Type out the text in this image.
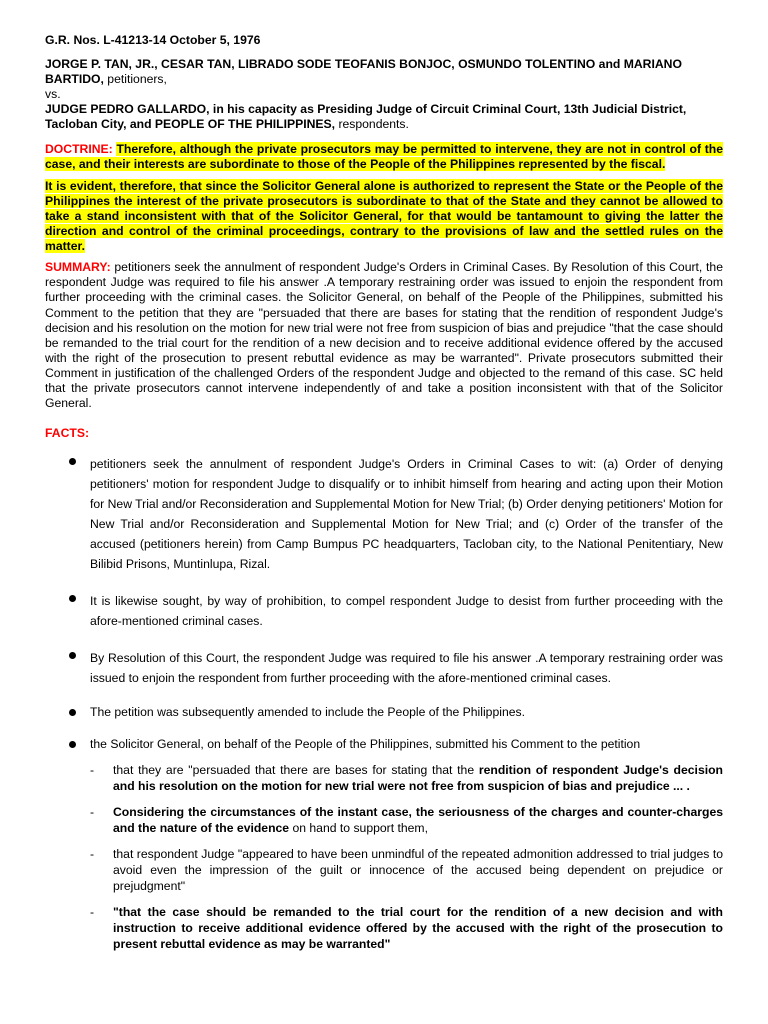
G.R. Nos. L-41213-14 October 5, 1976

JORGE P. TAN, JR., CESAR TAN, LIBRADO SODE TEOFANIS BONJOC, OSMUNDO TOLENTINO and MARIANO BARTIDO, petitioners,
vs.
JUDGE PEDRO GALLARDO, in his capacity as Presiding Judge of Circuit Criminal Court, 13th Judicial District, Tacloban City, and PEOPLE OF THE PHILIPPINES, respondents.

DOCTRINE: Therefore, although the private prosecutors may be permitted to intervene, they are not in control of the case, and their interests are subordinate to those of the People of the Philippines represented by the fiscal.

It is evident, therefore, that since the Solicitor General alone is authorized to represent the State or the People of the Philippines the interest of the private prosecutors is subordinate to that of the State and they cannot be allowed to take a stand inconsistent with that of the Solicitor General, for that would be tantamount to giving the latter the direction and control of the criminal proceedings, contrary to the provisions of law and the settled rules on the matter.

SUMMARY: petitioners seek the annulment of respondent Judge's Orders in Criminal Cases. By Resolution of this Court, the respondent Judge was required to file his answer .A temporary restraining order was issued to enjoin the respondent from further proceeding with the criminal cases. the Solicitor General, on behalf of the People of the Philippines, submitted his Comment to the petition that they are "persuaded that there are bases for stating that the rendition of respondent Judge's decision and his resolution on the motion for new trial were not free from suspicion of bias and prejudice "that the case should be remanded to the trial court for the rendition of a new decision and to receive additional evidence offered by the accused with the right of the prosecution to present rebuttal evidence as may be warranted". Private prosecutors submitted their Comment in justification of the challenged Orders of the respondent Judge and objected to the remand of this case. SC held that the private prosecutors cannot intervene independently of and take a position inconsistent with that of the Solicitor General.

FACTS:

petitioners seek the annulment of respondent Judge's Orders in Criminal Cases to wit: (a) Order of denying petitioners' motion for respondent Judge to disqualify or to inhibit himself from hearing and acting upon their Motion for New Trial and/or Reconsideration and Supplemental Motion for New Trial; (b) Order denying petitioners' Motion for New Trial and/or Reconsideration and Supplemental Motion for New Trial; and (c) Order of the transfer of the accused (petitioners herein) from Camp Bumpus PC headquarters, Tacloban city, to the National Penitentiary, New Bilibid Prisons, Muntinlupa, Rizal.
It is likewise sought, by way of prohibition, to compel respondent Judge to desist from further proceeding with the afore-mentioned criminal cases.
By Resolution of this Court, the respondent Judge was required to file his answer .A temporary restraining order was issued to enjoin the respondent from further proceeding with the afore-mentioned criminal cases.
The petition was subsequently amended to include the People of the Philippines.
the Solicitor General, on behalf of the People of the Philippines, submitted his Comment to the petition
- that they are "persuaded that there are bases for stating that the rendition of respondent Judge's decision and his resolution on the motion for new trial were not free from suspicion of bias and prejudice ... .
- Considering the circumstances of the instant case, the seriousness of the charges and counter-charges and the nature of the evidence on hand to support them,
- that respondent Judge "appeared to have been unmindful of the repeated admonition addressed to trial judges to avoid even the impression of the guilt or innocence of the accused being dependent on prejudice or prejudgment"
- "that the case should be remanded to the trial court for the rendition of a new decision and with instruction to receive additional evidence offered by the accused with the right of the prosecution to present rebuttal evidence as may be warranted"
